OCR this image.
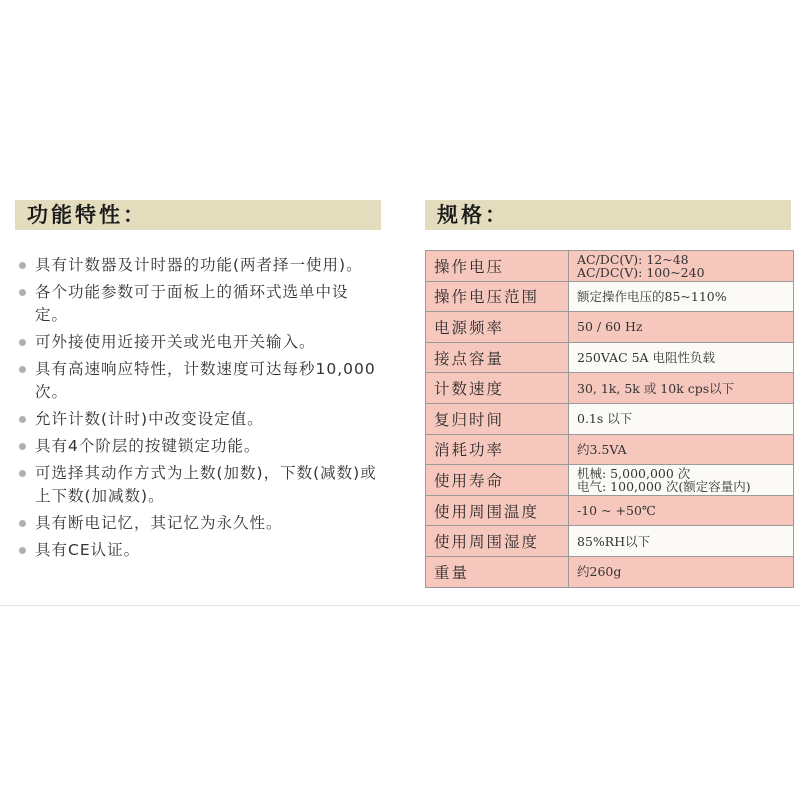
功能特性：
具有计数器及计时器的功能(两者择一使用)。
各个功能参数可于面板上的循环式选单中设定。
可外接使用近接开关或光电开关输入。
具有高速响应特性，计数速度可达每秒10,000次。
允许计数(计时)中改变设定值。
具有4个阶层的按键锁定功能。
可选择其动作方式为上数(加数)，下数(减数)或上下数(加减数)。
具有断电记忆，其记忆为永久性。
具有CE认证。
规格：
操作电压	AC/DC(V): 12~48
AC/DC(V): 100~240

操作电压范围	额定操作电压的85~110%

电源频率	50 / 60 Hz

接点容量	250VAC 5A 电阻性负载

计数速度	30, 1k, 5k 或 10k cps以下

复归时间	0.1s 以下

消耗功率	约3.5VA

使用寿命	机械: 5,000,000 次
电气: 100,000 次(额定容量内)

使用周围温度	-10 ~ +50℃

使用周围湿度	85%RH以下

重量	约260g
